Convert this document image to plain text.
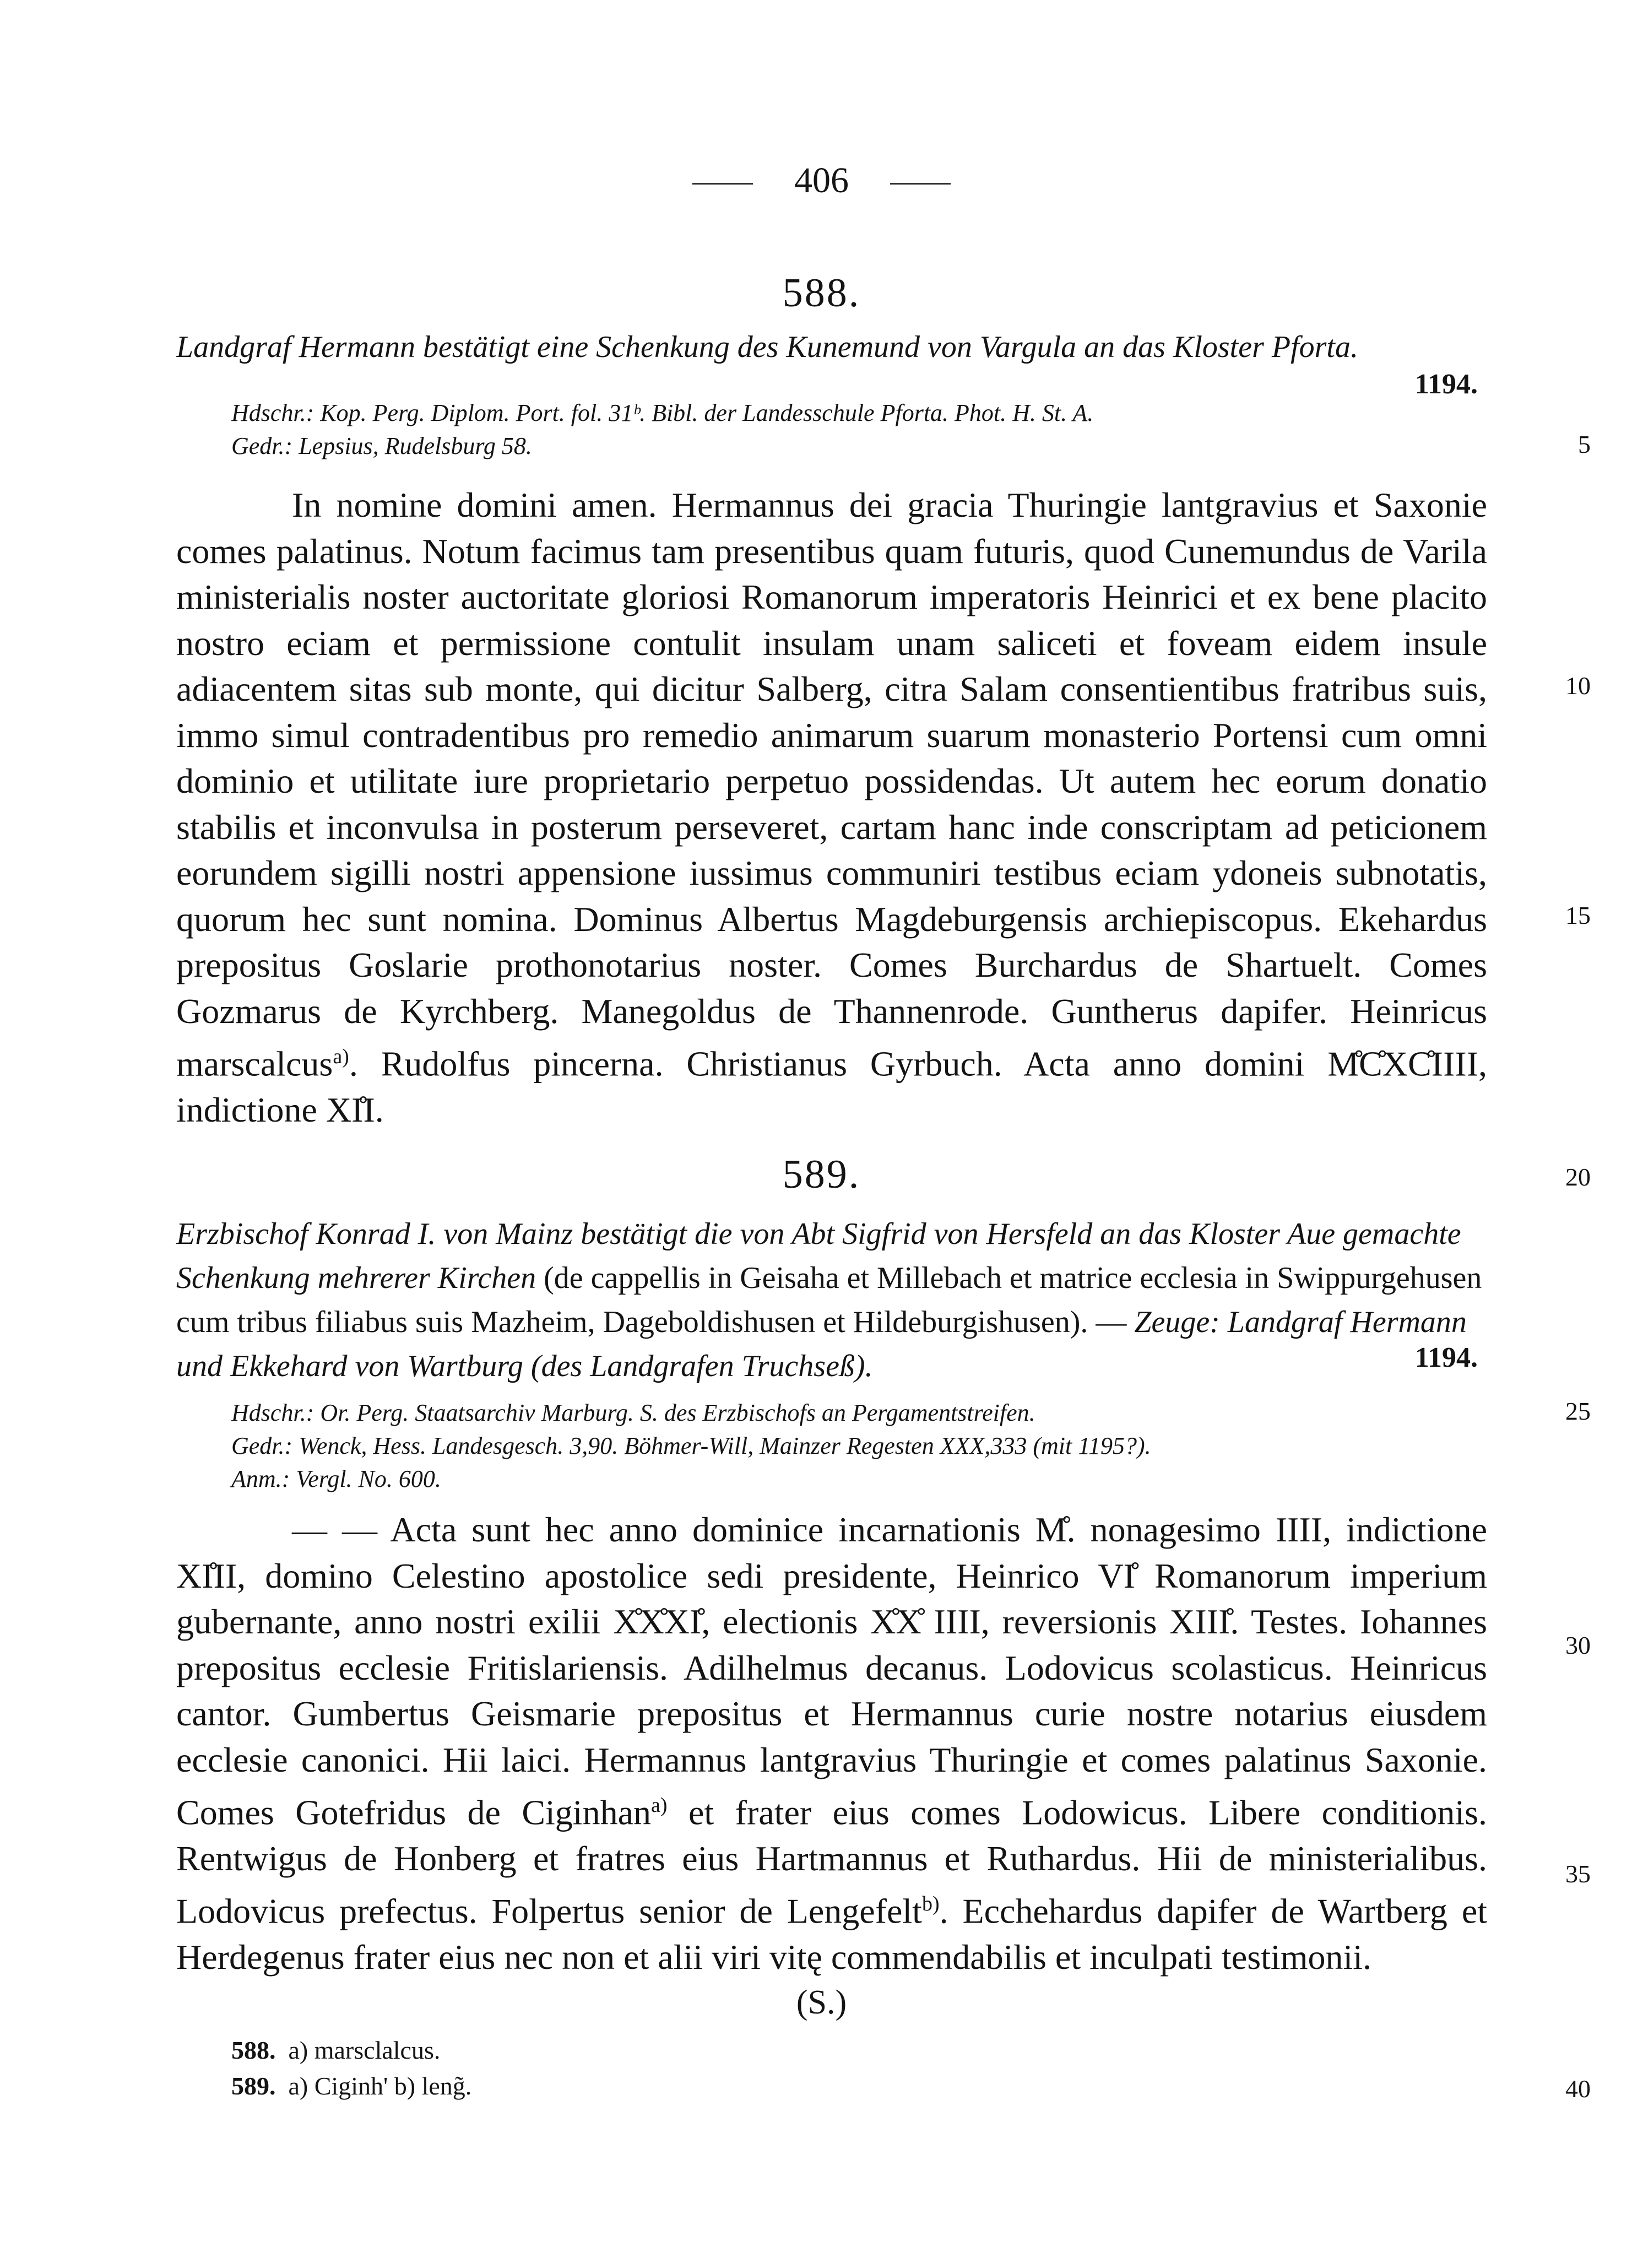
406
588.
Landgraf Hermann bestätigt eine Schenkung des Kunemund von Vargula an das Kloster Pforta.
1194.
Hdschr.: Kop. Perg. Diplom. Port. fol. 31ᵇ. Bibl. der Landesschule Pforta. Phot. H. St. A.
Gedr.: Lepsius, Rudelsburg 58.

In nomine domini amen. Hermannus dei gracia Thuringie lantgravius et Saxonie comes palatinus. Notum facimus tam presentibus quam futuris, quod Cunemundus de Varila ministerialis noster auctoritate gloriosi Romanorum imperatoris Heinrici et ex bene placito nostro eciam et permissione contulit insulam unam saliceti et foveam eidem insule adiacentem sitas sub monte, qui dicitur Salberg, citra Salam consentientibus fratribus suis, immo simul contradentibus pro remedio animarum suarum monasterio Portensi cum omni dominio et utilitate iure proprietario perpetuo possidendas. Ut autem hec eorum donatio stabilis et inconvulsa in posterum perseveret, cartam hanc inde conscriptam ad peticionem eorundem sigilli nostri appensione iussimus communiri testibus eciam ydoneis subnotatis, quorum hec sunt nomina. Dominus Albertus Magdeburgensis archiepiscopus. Ekehardus prepositus Goslarie prothonotarius noster. Comes Burchardus de Shartuelt. Comes Gozmarus de Kyrchberg. Manegoldus de Thannenrode. Guntherus dapifer. Heinricus marscalcus$^{a)}$. Rudolfus pincerna. Christianus Gyrbuch. Acta anno domini M̊C̊XC̊IIII, indictione XI̊I.

589.
Erzbischof Konrad I. von Mainz bestätigt die von Abt Sigfrid von Hersfeld an das Kloster Aue gemachte Schenkung mehrerer Kirchen (de cappellis in Geisaha et Millebach et matrice ecclesia in Swippurgehusen cum tribus filiabus suis Mazheim, Dageboldishusen et Hildeburgishusen). — Zeuge: Landgraf Hermann und Ekkehard von Wartburg (des Landgrafen Truchseß).	1194.
Hdschr.: Or. Perg. Staatsarchiv Marburg. S. des Erzbischofs an Pergamentstreifen.
Gedr.: Wenck, Hess. Landesgesch. 3,90. Böhmer-Will, Mainzer Regesten XXX,333 (mit 1195?).
Anm.: Vergl. No. 600.

— — Acta sunt hec anno dominice incarnationis M̊. nonagesimo IIII, indictione XI̊II, domino Celestino apostolice sedi presidente, Heinrico VI̊ Romanorum imperium gubernante, anno nostri exilii X̊X̊XI̊, electionis X̊X̊ IIII, reversionis XIII̊. Testes. Iohannes prepositus ecclesie Fritislariensis. Adilhelmus decanus. Lodovicus scolasticus. Heinricus cantor. Gumbertus Geismarie prepositus et Hermannus curie nostre notarius eiusdem ecclesie canonici. Hii laici. Hermannus lantgravius Thuringie et comes palatinus Saxonie. Comes Gotefridus de Ciginhan$^{a)}$ et frater eius comes Lodowicus. Libere conditionis. Rentwigus de Honberg et fratres eius Hartmannus et Ruthardus. Hii de ministerialibus. Lodovicus prefectus. Folpertus senior de Lengefelt$^{b)}$. Ecchehardus dapifer de Wartberg et Herdegenus frater eius nec non et alii viri vitę commendabilis et inculpati testimonii.

(S.)
588. a) marsclalcus.
589. a) Ciginh' b) leng̃.
5
10
15
20
25
30
35
40
